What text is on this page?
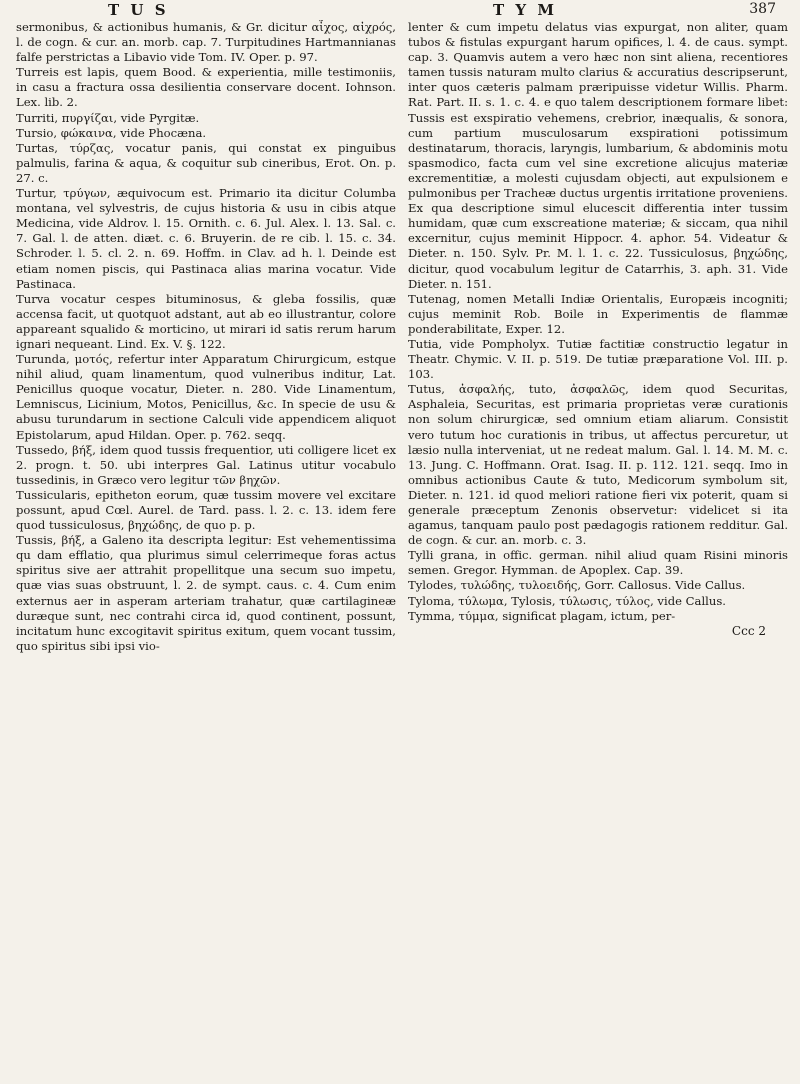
T U S	T Y M	387

sermonibus, & actionibus humanis, & Gr. dicitur αἶχος, αἰχρός, l. de cogn. & cur. an. morb. cap. 7. Turpitudines Hartmannianas falfe perstrictas a Libavio vide Tom. IV. Oper. p. 97.

Turreis est lapis, quem Bood. & experientia, mille testimoniis, in casu a fractura ossa desilientia conservare docent. Iohnson. Lex. lib. 2.

Turriti, πυργίζαι, vide Pyrgitæ.

Tursio, φώκαινα, vide Phocæna.

Turtas, τύρζας, vocatur panis, qui constat ex pinguibus palmulis, farina & aqua, & coquitur sub cineribus, Erot. On. p. 27. c.

Turtur, τρύγων, æquivocum est. Primario ita dicitur Columba montana, vel sylvestris, de cujus historia & usu in cibis atque Medicina, vide Aldrov. l. 15. Ornith. c. 6. Jul. Alex. l. 13. Sal. c. 7. Gal. l. de atten. diæt. c. 6. Bruyerin. de re cib. l. 15. c. 34. Schroder. l. 5. cl. 2. n. 69. Hoffm. in Clav. ad h. l. Deinde est etiam nomen piscis, qui Pastinaca alias marina vocatur. Vide Pastinaca.

Turva vocatur cespes bituminosus, & gleba fossilis, quæ accensa facit, ut quotquot adstant, aut ab eo illustrantur, colore appareant squalido & morticino, ut mirari id satis rerum harum ignari nequeant. Lind. Ex. V. §. 122.

Turunda, μοτός, refertur inter Apparatum Chirurgicum, estque nihil aliud, quam linamentum, quod vulneribus inditur, Lat. Penicillus quoque vocatur, Dieter. n. 280. Vide Linamentum, Lemniscus, Licinium, Motos, Penicillus, &c. In specie de usu & abusu turundarum in sectione Calculi vide appendicem aliquot Epistolarum, apud Hildan. Oper. p. 762. seqq.

Tussedo, βήξ, idem quod tussis frequentior, uti colligere licet ex 2. progn. t. 50. ubi interpres Gal. Latinus utitur vocabulo tussedinis, in Græco vero legitur τῶν βηχῶν.

Tussicularis, epitheton eorum, quæ tussim movere vel excitare possunt, apud Cœl. Aurel. de Tard. pass. l. 2. c. 13. idem fere quod tussiculosus, βηχώδης, de quo p. p.

Tussis, βήξ, a Galeno ita descripta legitur: Est vehementissima qu dam efflatio, qua plurimus simul celerrimeque foras actus spiritus sive aer attrahit propellitque una secum suo impetu, quæ vias suas obstruunt, l. 2. de sympt. caus. c. 4. Cum enim externus aer in asperam arteriam trahatur, quæ cartilagineæ duræque sunt, nec contrahi circa id, quod continent, possunt, incitatum hunc excogitavit spiritus exitum, quem vocant tussim, quo spiritus sibi ipsi vio-

lenter & cum impetu delatus vias expurgat, non aliter, quam tubos & fistulas expurgant harum opifices, l. 4. de caus. sympt. cap. 3. Quamvis autem a vero hæc non sint aliena, recentiores tamen tussis naturam multo clarius & accuratius descripserunt, inter quos cæteris palmam præripuisse videtur Willis. Pharm. Rat. Part. II. s. 1. c. 4. e quo talem descriptionem formare libet: Tussis est exspiratio vehemens, crebrior, inæqualis, & sonora, cum partium musculosarum exspirationi potissimum destinatarum, thoracis, laryngis, lumbarium, & abdominis motu spasmodico, facta cum vel sine excretione alicujus materiæ excrementitiæ, a molesti cujusdam objecti, aut expulsionem e pulmonibus per Tracheæ ductus urgentis irritatione proveniens. Ex qua descriptione simul elucescit differentia inter tussim humidam, quæ cum exscreatione materiæ; & siccam, qua nihil excernitur, cujus meminit Hippocr. 4. aphor. 54. Videatur & Dieter. n. 150. Sylv. Pr. M. l. 1. c. 22. Tussiculosus, βηχώδης, dicitur, quod vocabulum legitur de Catarrhis, 3. aph. 31. Vide Dieter. n. 151.

Tutenag, nomen Metalli Indiæ Orientalis, Europæis incogniti; cujus meminit Rob. Boile in Experimentis de flammæ ponderabilitate, Exper. 12.

Tutia, vide Pompholyx. Tutiæ factitiæ constructio legatur in Theatr. Chymic. V. II. p. 519. De tutiæ præparatione Vol. III. p. 103.

Tutus, ἀσφαλής, tuto, ἀσφαλῶς, idem quod Securitas, Asphaleia, Securitas, est primaria proprietas veræ curationis non solum chirurgicæ, sed omnium etiam aliarum. Consistit vero tutum hoc curationis in tribus, ut affectus percuretur, ut læsio nulla interveniat, ut ne redeat malum. Gal. l. 14. M. M. c. 13. Jung. C. Hoffmann. Orat. Isag. II. p. 112. 121. seqq. Imo in omnibus actionibus Caute & tuto, Medicorum symbolum sit, Dieter. n. 121. id quod meliori ratione fieri vix poterit, quam si generale præceptum Zenonis observetur: videlicet si ita agamus, tanquam paulo post pædagogis rationem redditur. Gal. de cogn. & cur. an. morb. c. 3.

Tylli grana, in offic. german. nihil aliud quam Risini minoris semen. Gregor. Hymman. de Apoplex. Cap. 39.

Tylodes, τυλώδης, τυλοειδής, Gorr. Callosus. Vide Callus.

Tyloma, τύλωμα, Tylosis, τύλωσις, τύλος, vide Callus.

Tymma, τύμμα, significat plagam, ictum, per-

Ccc 2
